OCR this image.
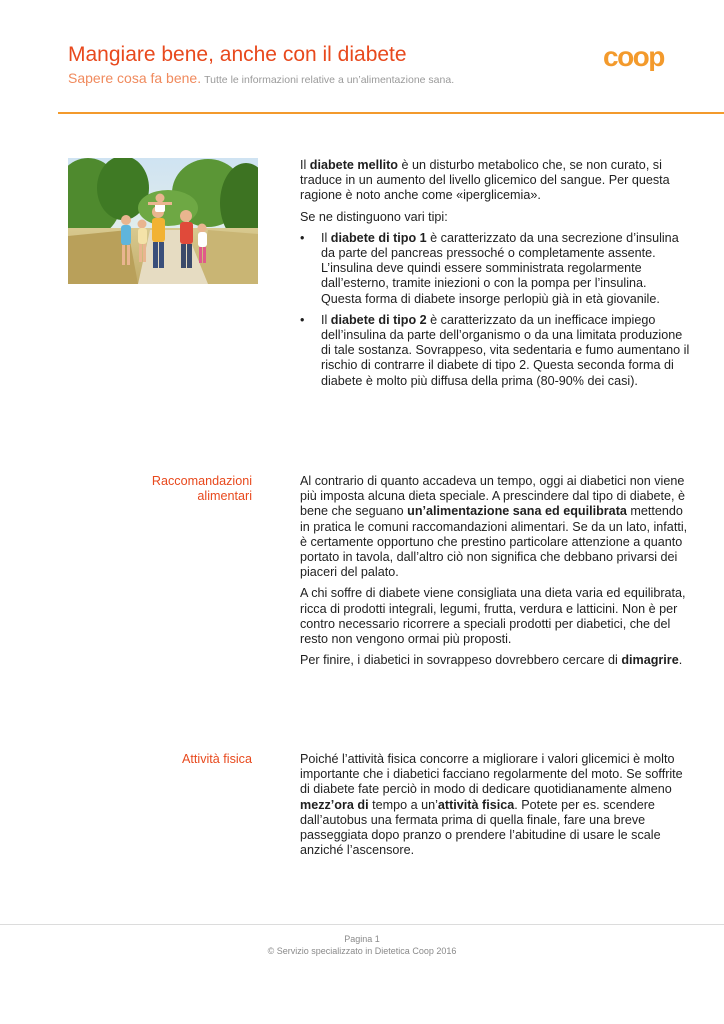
Mangiare bene, anche con il diabete
Sapere cosa fa bene. Tutte le informazioni relative a un’alimentazione sana.
coop

Il diabete mellito è un disturbo metabolico che, se non curato, si traduce in un aumento del livello glicemico del sangue. Per questa ragione è noto anche come «iperglicemia».

Se ne distinguono vari tipi:

• Il diabete di tipo 1 è caratterizzato da una secrezione d’insulina da parte del pancreas pressoché o completamente assente. L’insulina deve quindi essere somministrata regolarmente dall’esterno, tramite iniezioni o con la pompa per l’insulina. Questa forma di diabete insorge perlopiù già in età giovanile.
• Il diabete di tipo 2 è caratterizzato da un inefficace impiego dell’insulina da parte dell’organismo o da una limitata produzione di tale sostanza. Sovrappeso, vita sedentaria e fumo aumentano il rischio di contrarre il diabete di tipo 2. Questa seconda forma di diabete è molto più diffusa della prima (80-90% dei casi).
Raccomandazioni alimentari

Al contrario di quanto accadeva un tempo, oggi ai diabetici non viene più imposta alcuna dieta speciale. A prescindere dal tipo di diabete, è bene che seguano un’alimentazione sana ed equilibrata mettendo in pratica le comuni raccomandazioni alimentari. Se da un lato, infatti, è certamente opportuno che prestino particolare attenzione a quanto portato in tavola, dall’altro ciò non significa che debbano privarsi dei piaceri del palato.

A chi soffre di diabete viene consigliata una dieta varia ed equilibrata, ricca di prodotti integrali, legumi, frutta, verdura e latticini. Non è per contro necessario ricorrere a speciali prodotti per diabetici, che del resto non vengono ormai più proposti.

Per finire, i diabetici in sovrappeso dovrebbero cercare di dimagrire.

Attività fisica	Poiché l’attività fisica concorre a migliorare i valori glicemici è molto importante che i diabetici facciano regolarmente del moto. Se soffrite di diabete fate perciò in modo di dedicare quotidianamente almeno mezz’ora di tempo a un’attività fisica. Potete per es. scendere dall’autobus una fermata prima di quella finale, fare una breve passeggiata dopo pranzo o prendere l’abitudine di usare le scale anziché l’ascensore.

Pagina 1
© Servizio specializzato in Dietetica Coop 2016
